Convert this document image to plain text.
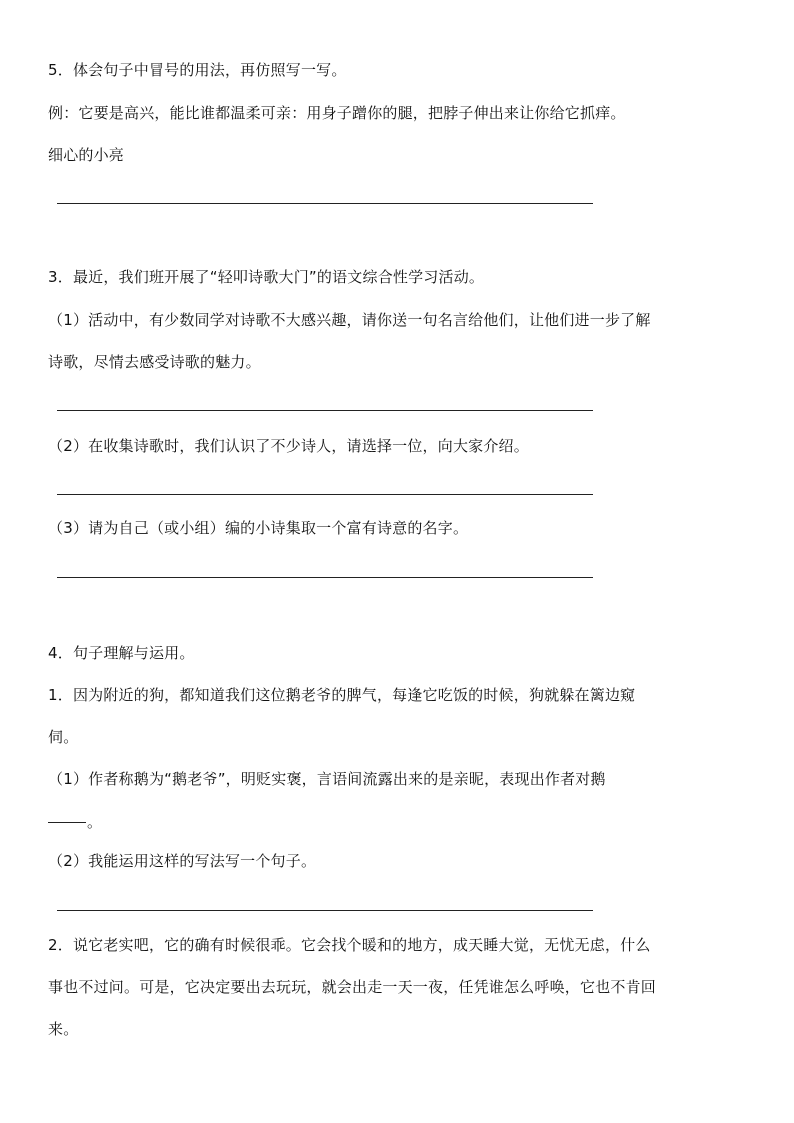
5．体会句子中冒号的用法，再仿照写一写。
例：它要是高兴，能比谁都温柔可亲：用身子蹭你的腿，把脖子伸出来让你给它抓痒。
细心的小亮
3．最近，我们班开展了“轻叩诗歌大门”的语文综合性学习活动。
（1）活动中，有少数同学对诗歌不大感兴趣，请你送一句名言给他们，让他们进一步了解
诗歌，尽情去感受诗歌的魅力。
（2）在收集诗歌时，我们认识了不少诗人，请选择一位，向大家介绍。
（3）请为自己（或小组）编的小诗集取一个富有诗意的名字。
4．句子理解与运用。
1．因为附近的狗，都知道我们这位鹅老爷的脾气，每逢它吃饭的时候，狗就躲在篱边窥
伺。
（1）作者称鹅为“鹅老爷”，明贬实褒，言语间流露出来的是亲昵，表现出作者对鹅
。
（2）我能运用这样的写法写一个句子。
2．说它老实吧，它的确有时候很乖。它会找个暖和的地方，成天睡大觉，无忧无虑，什么
事也不过问。可是，它决定要出去玩玩，就会出走一天一夜，任凭谁怎么呼唤，它也不肯回
来。
